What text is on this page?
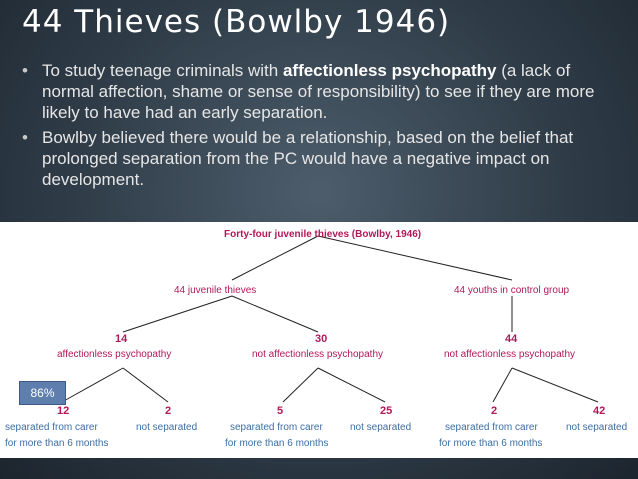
44 Thieves (Bowlby 1946)
• To study teenage criminals with affectionless psychopathy (a lack of normal affection, shame or sense of responsibility) to see if they are more likely to have had an early separation.
• Bowlby believed there would be a relationship, based on the belief that prolonged separation from the PC would have a negative impact on development.
Forty-four juvenile thieves (Bowlby, 1946)
44 juvenile thieves	44 youths in control group
14
affectionless psychopathy
30
not affectionless psychopathy
44
not affectionless psychopathy
12
separated from carer
for more than 6 months
2
not separated
5
separated from carer
for more than 6 months
25
not separated
2
separated from carer
for more than 6 months
42
not separated
86%
